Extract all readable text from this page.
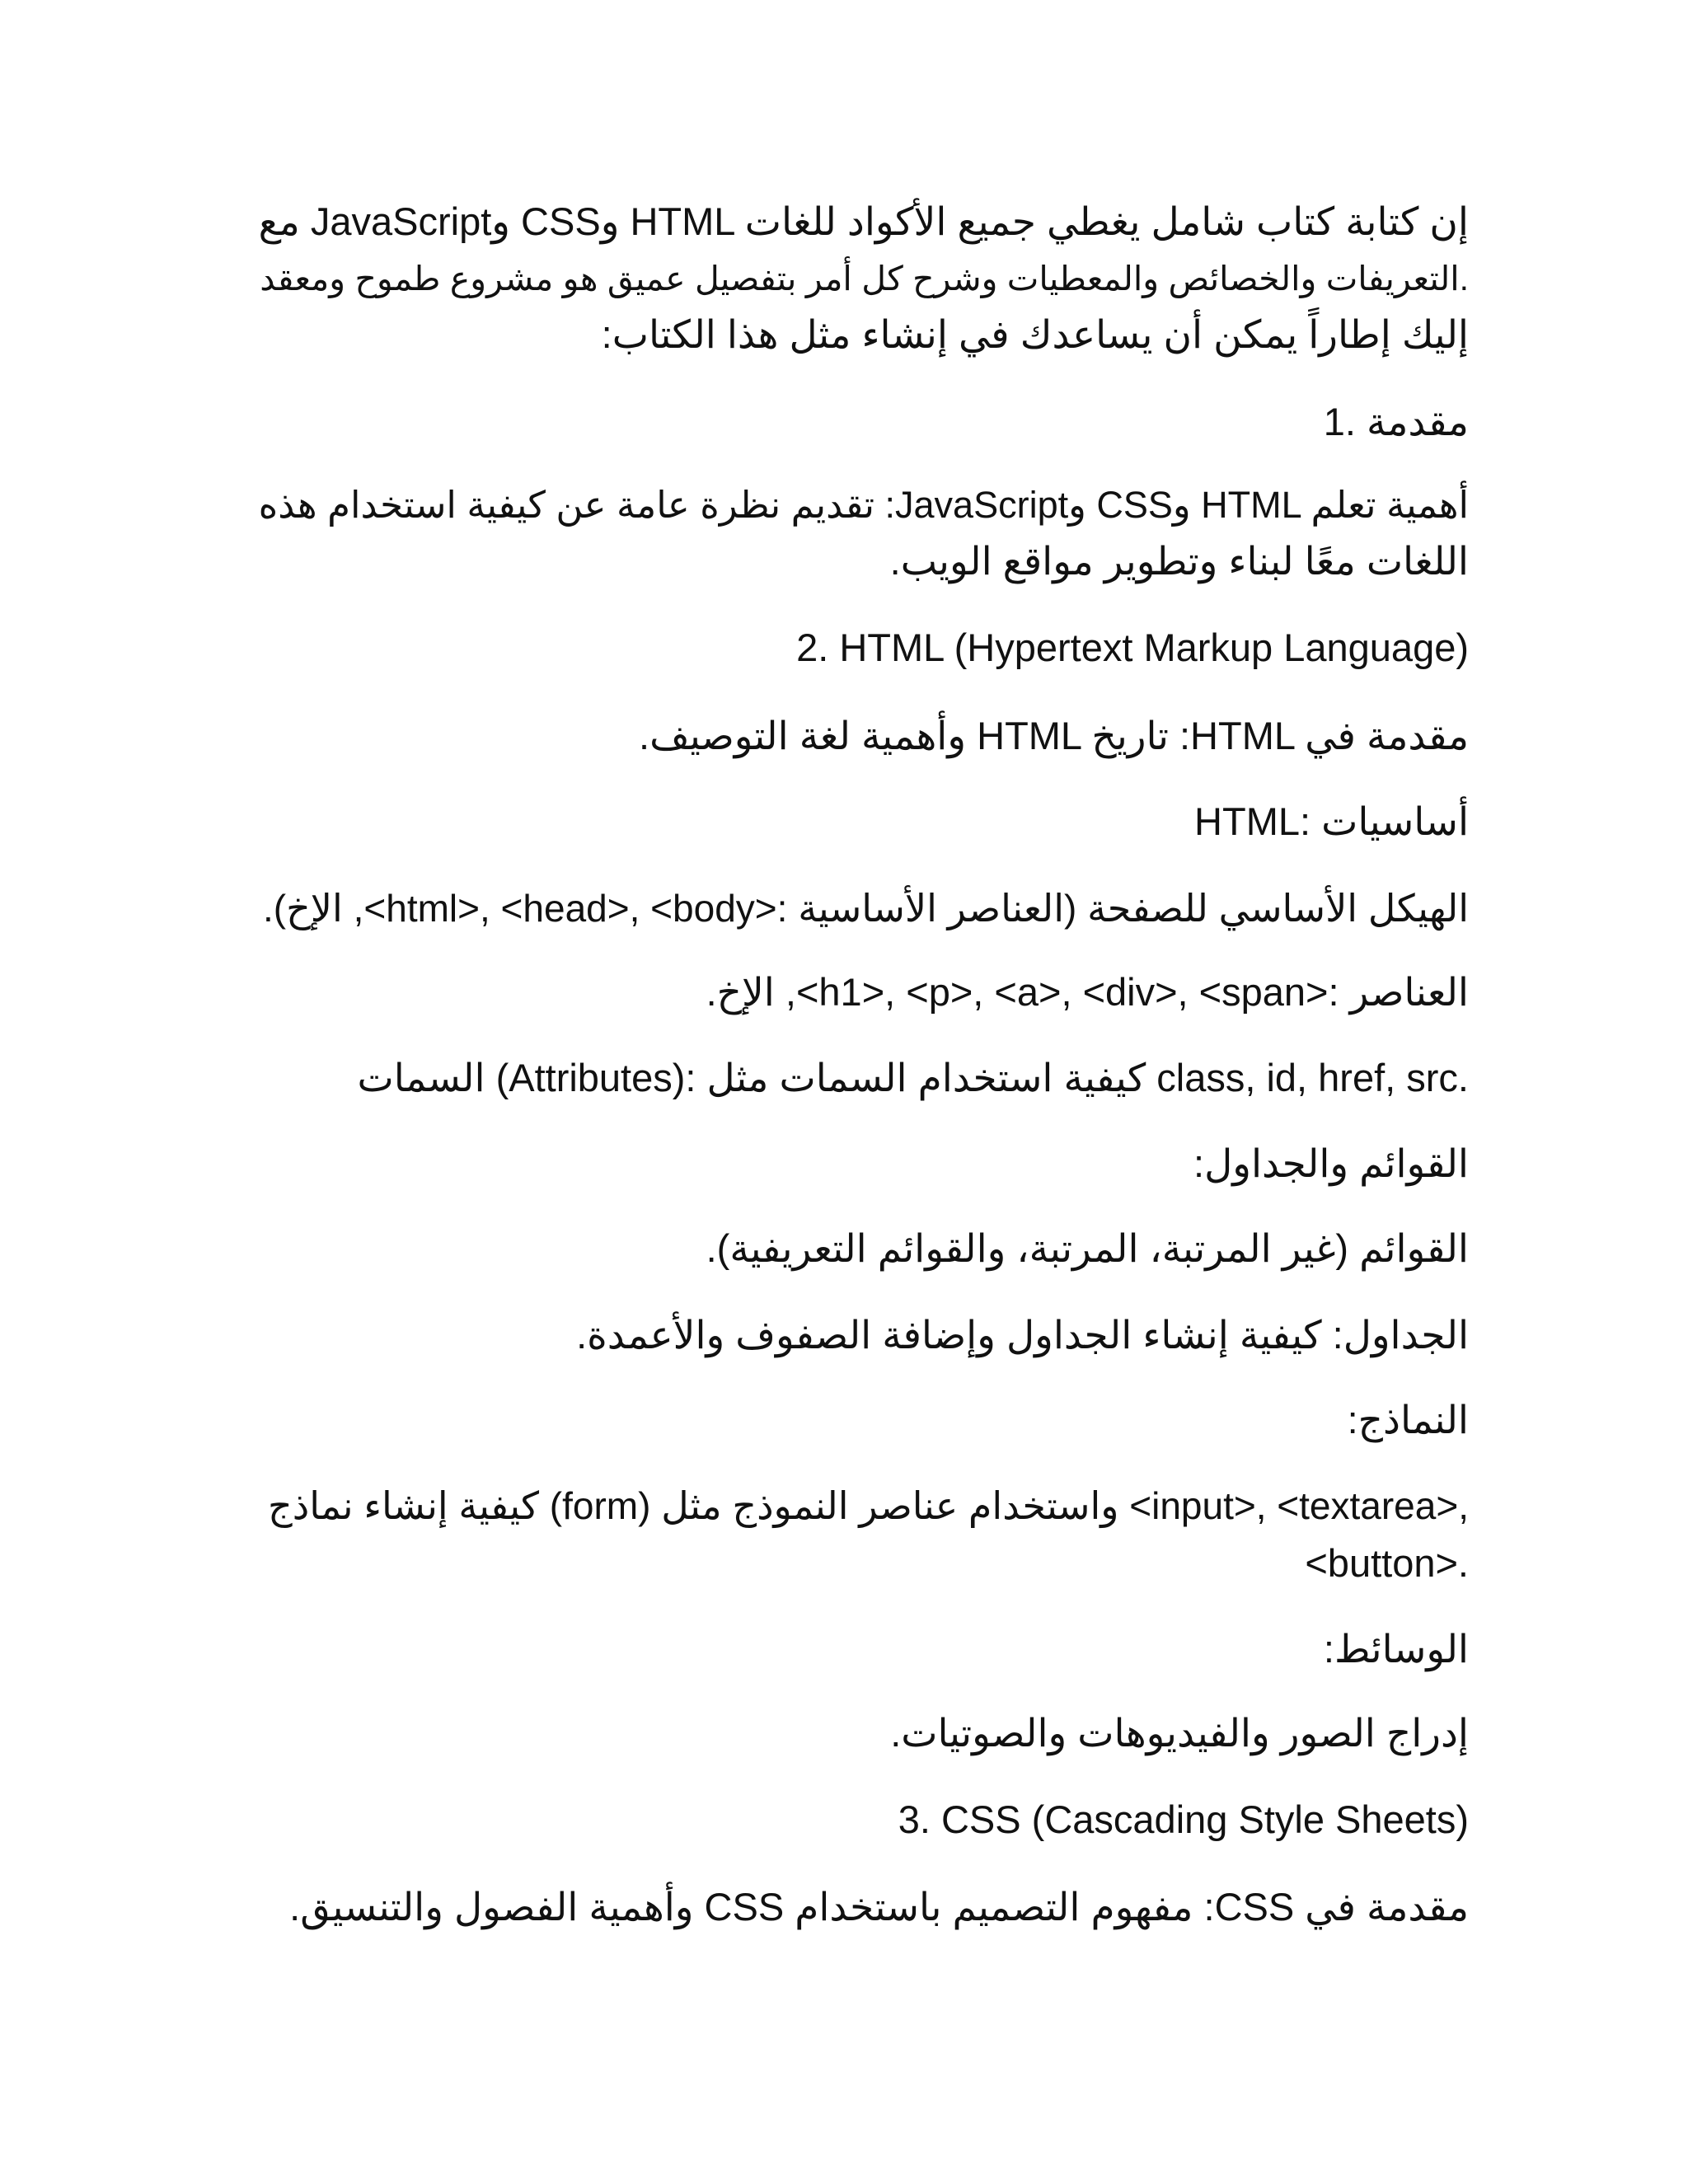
مع JavaScriptو CSSو HTML إن كتابة كتاب شامل يغطي جميع الأكواد للغات
التعريفات والخصائص والمعطيات وشرح كل أمر بتفصيل عميق هو مشروع طموح ومعقد.
:إليك إطاراً يمكن أن يساعدك في إنشاء مثل هذا الكتاب
مقدمة .1
تقديم نظرة عامة عن كيفية استخدام هذه :JavaScriptو CSSو HTML أهمية تعلم
.اللغات معًا لبناء وتطوير مواقع الويب
2. HTML (Hypertext Markup Language)
.وأهمية لغة التوصيف HTML تاريخ :HTML مقدمة في
HTML: أساسيات
.(الإخ ,<html>, <head>, <body>: العناصر الأساسية) الهيكل الأساسي للصفحة
.الإخ ,<h1>, <p>, <a>, <div>, <span>: العناصر
السمات (Attributes): كيفية استخدام السمات مثل class, id, href, src.
:القوائم والجداول
.القوائم (غير المرتبة، المرتبة، والقوائم التعريفية)
.الجداول: كيفية إنشاء الجداول وإضافة الصفوف والأعمدة
:النماذج
كيفية إنشاء نماذج (form) واستخدام عناصر النموذج مثل <input>, <textarea>,
<button>.
:الوسائط
.إدراج الصور والفيديوهات والصوتيات
3. CSS (Cascading Style Sheets)
.وأهمية الفصول والتنسيق CSS مفهوم التصميم باستخدام :CSS مقدمة في
